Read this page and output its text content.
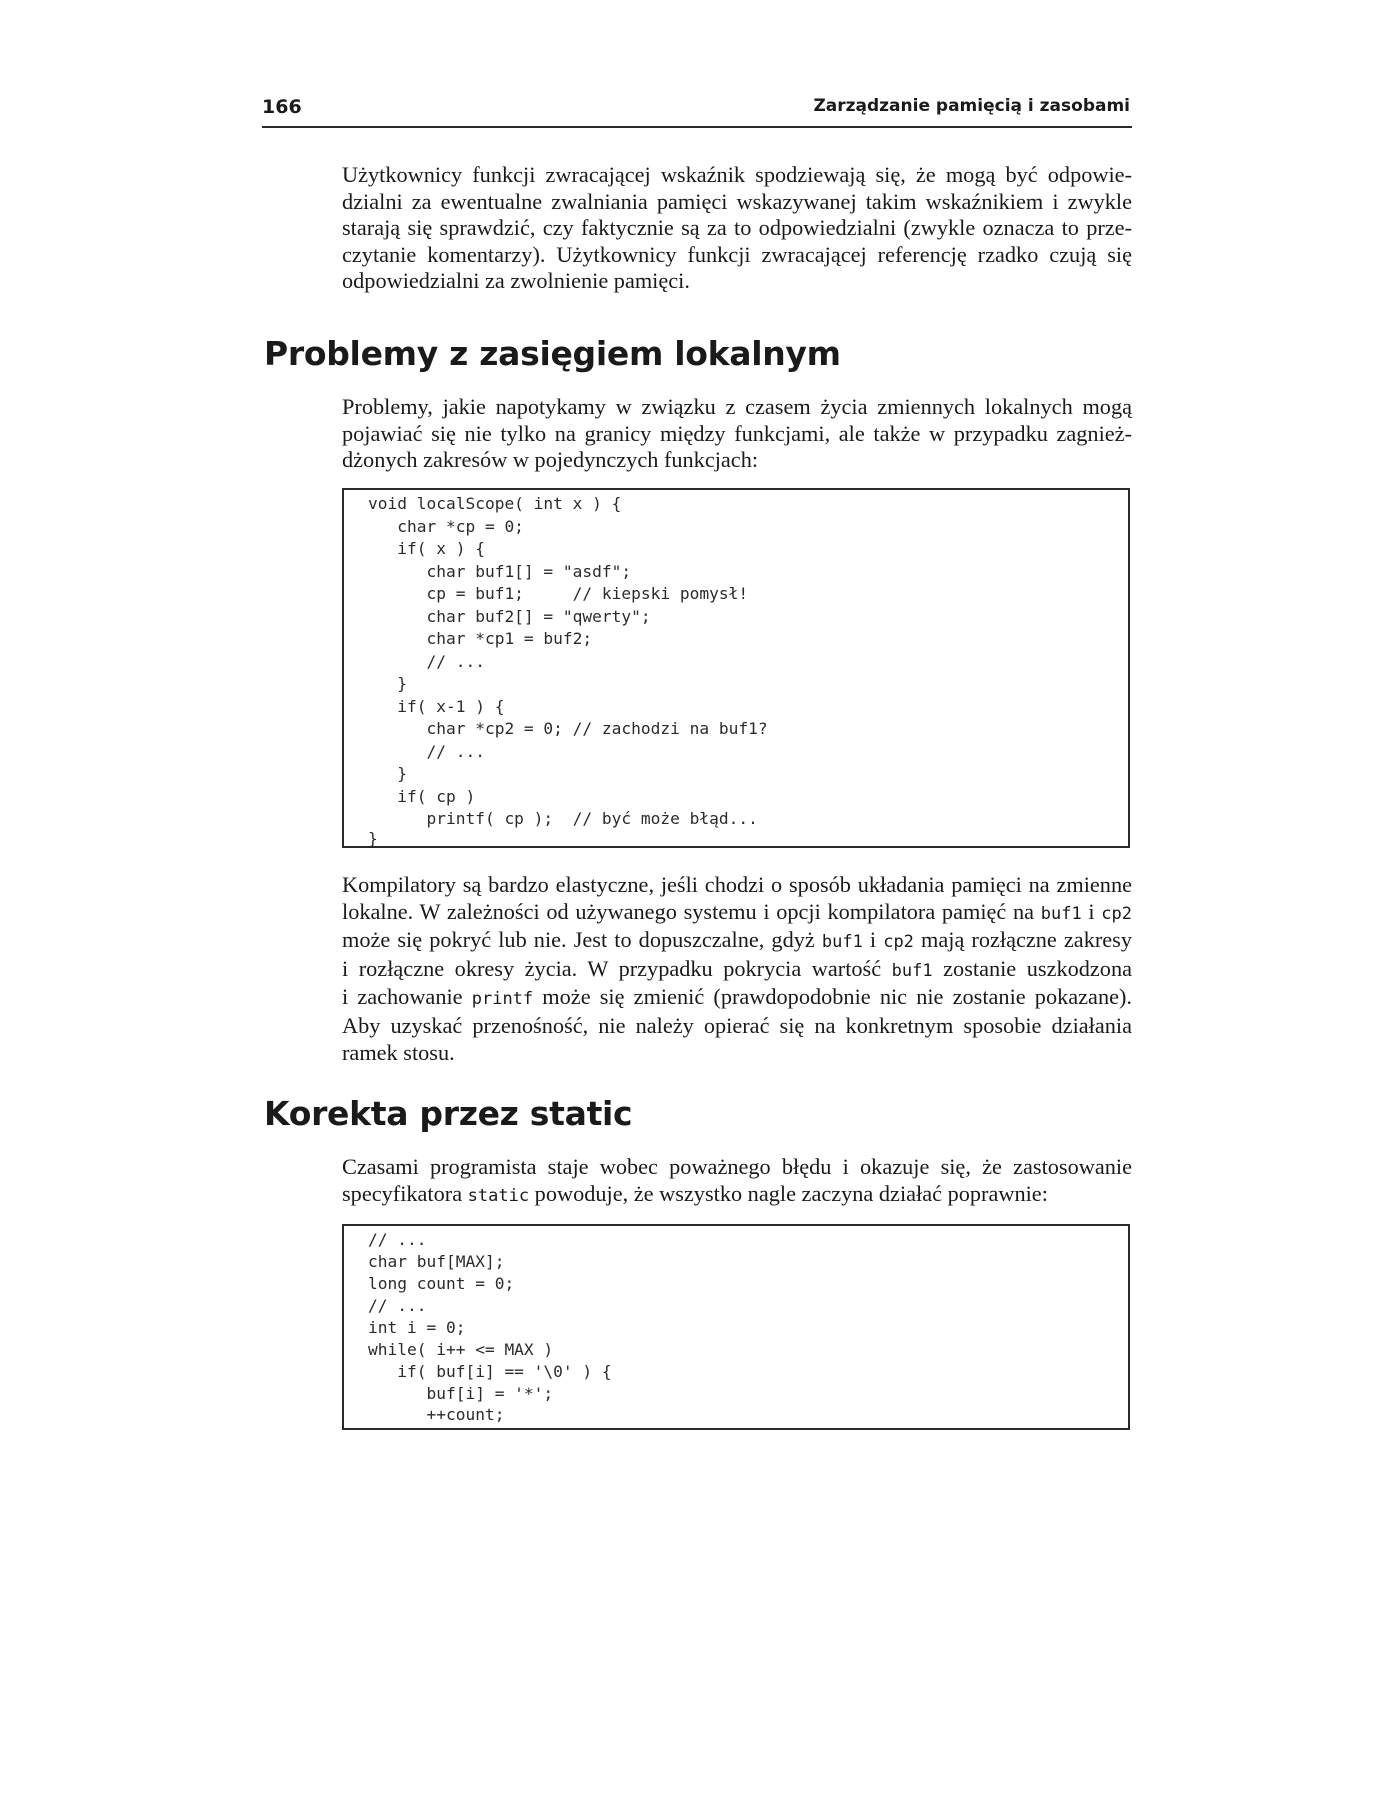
166	Zarządzanie pamięcią i zasobami

Użytkownicy funkcji zwracającej wskaźnik spodziewają się, że mogą być odpowie-
dzialni za ewentualne zwalniania pamięci wskazywanej takim wskaźnikiem i zwykle
starają się sprawdzić, czy faktycznie są za to odpowiedzialni (zwykle oznacza to prze-
czytanie komentarzy). Użytkownicy funkcji zwracającej referencję rzadko czują się
odpowiedzialni za zwolnienie pamięci.

Problemy z zasięgiem lokalnym

Problemy, jakie napotykamy w związku z czasem życia zmiennych lokalnych mogą
pojawiać się nie tylko na granicy między funkcjami, ale także w przypadku zagnież-
dżonych zakresów w pojedynczych funkcjach:

void localScope( int x ) {
char *cp = 0;
if( x ) {
char buf1[] = "asdf";
cp = buf1;     // kiepski pomysł!
char buf2[] = "qwerty";
char *cp1 = buf2;
// ...
}
if( x-1 ) {
char *cp2 = 0; // zachodzi na buf1?
// ...
}
if( cp )
printf( cp );  // być może błąd...
}

Kompilatory są bardzo elastyczne, jeśli chodzi o sposób układania pamięci na zmienne
lokalne. W zależności od używanego systemu i opcji kompilatora pamięć na buf1 i cp2
może się pokryć lub nie. Jest to dopuszczalne, gdyż buf1 i cp2 mają rozłączne zakresy
i rozłączne okresy życia. W przypadku pokrycia wartość buf1 zostanie uszkodzona
i zachowanie printf może się zmienić (prawdopodobnie nic nie zostanie pokazane).
Aby uzyskać przenośność, nie należy opierać się na konkretnym sposobie działania
ramek stosu.

Korekta przez static

Czasami programista staje wobec poważnego błędu i okazuje się, że zastosowanie
specyfikatora static powoduje, że wszystko nagle zaczyna działać poprawnie:

// ...
char buf[MAX];
long count = 0;
// ...
int i = 0;
while( i++ <= MAX )
if( buf[i] == '\0' ) {
buf[i] = '*';
++count;
